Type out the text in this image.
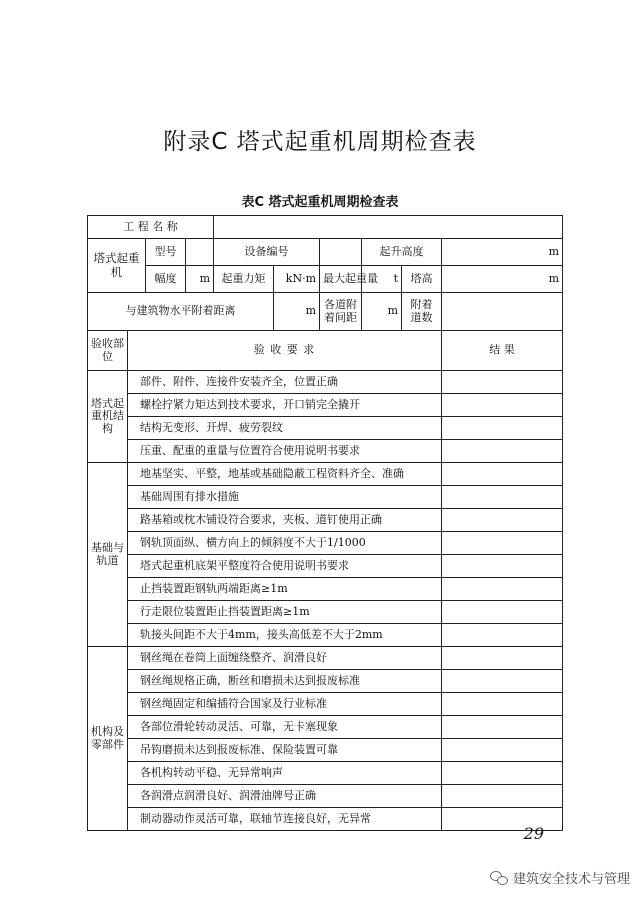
附录C 塔式起重机周期检查表
表C 塔式起重机周期检查表
工 程 名 称									
塔式起重机		型号		设备编号			起升高度		m
		幅度	m	起重力矩	kN·m	最大起重量	t	塔高	m
与建筑物水平附着距离					m	各道附着间距	m	附着道数	
验收部位	验 收 要 求								结 果
塔式起重机结构	部件、附件、连接件安装齐全，位置正确								
	螺栓拧紧力矩达到技术要求，开口销完全撬开								
	结构无变形、开焊、疲劳裂纹								
	压重、配重的重量与位置符合使用说明书要求								
基础与轨道	地基坚实、平整，地基或基础隐蔽工程资料齐全、准确								
	基础周围有排水措施								
	路基箱或枕木铺设符合要求，夹板、道钉使用正确								
	钢轨顶面纵、横方向上的倾斜度不大于1/1000								
	塔式起重机底架平整度符合使用说明书要求								
	止挡装置距钢轨两端距离≥1m								
	行走限位装置距止挡装置距离≥1m								
	轨接头间距不大于4mm，接头高低差不大于2mm								
机构及零部件	钢丝绳在卷筒上面缠绕整齐、润滑良好								
	钢丝绳规格正确，断丝和磨损未达到报废标准								
	钢丝绳固定和编插符合国家及行业标准								
	各部位滑轮转动灵活、可靠，无卡塞现象								
	吊钩磨损未达到报废标准、保险装置可靠								
	各机构转动平稳、无异常响声								
	各润滑点润滑良好、润滑油牌号正确								
	制动器动作灵活可靠，联轴节连接良好，无异常								
29
建筑安全技术与管理
